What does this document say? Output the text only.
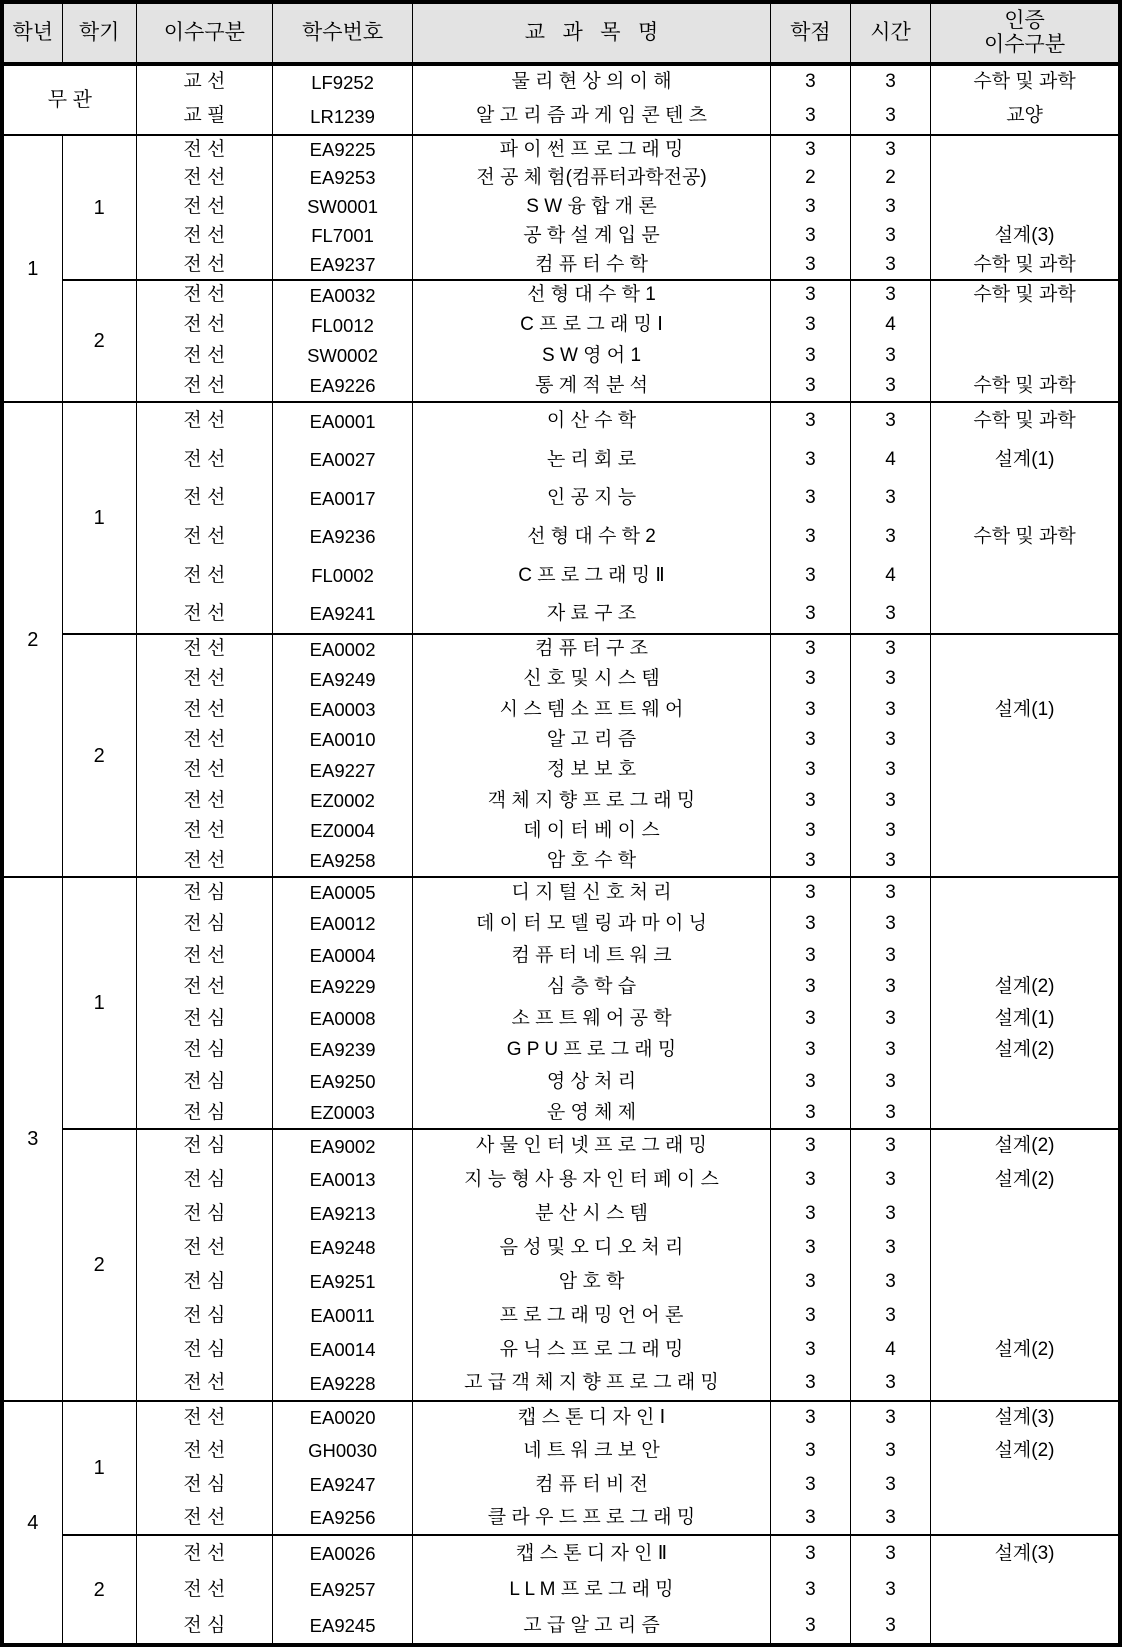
학년	학기	이수구분	학수번호	교   과   목   명	학점	시간	인증
이수구분

무 관		교 선	LF9252	물 리 현 상 의 이 해	3	3	수학 및 과학
		교 필	LR1239	알 고 리 즘 과 게 임 콘 텐 츠	3	3	교양
1	1	전 선	EA9225	파 이 썬 프 로 그 래 밍	3	3	
		전 선	EA9253	전 공 체 험(컴퓨터과학전공)	2	2	
		전 선	SW0001	S W 융 합 개 론	3	3	
		전 선	FL7001	공 학 설 계 입 문	3	3	설계(3)
		전 선	EA9237	컴 퓨 터 수 학	3	3	수학 및 과학
	2	전 선	EA0032	선 형 대 수 학 1	3	3	수학 및 과학
		전 선	FL0012	C 프 로 그 래 밍 Ⅰ	3	4	
		전 선	SW0002	S W 영 어 1	3	3	
		전 선	EA9226	통 계 적 분 석	3	3	수학 및 과학
2	1	전 선	EA0001	이 산 수 학	3	3	수학 및 과학
		전 선	EA0027	논 리 회 로	3	4	설계(1)
		전 선	EA0017	인 공 지 능	3	3	
		전 선	EA9236	선 형 대 수 학 2	3	3	수학 및 과학
		전 선	FL0002	C 프 로 그 래 밍 Ⅱ	3	4	
		전 선	EA9241	자 료 구 조	3	3	
	2	전 선	EA0002	컴 퓨 터 구 조	3	3	
		전 선	EA9249	신 호 및 시 스 템	3	3	
		전 선	EA0003	시 스 템 소 프 트 웨 어	3	3	설계(1)
		전 선	EA0010	알 고 리 즘	3	3	
		전 선	EA9227	정 보 보 호	3	3	
		전 선	EZ0002	객 체 지 향 프 로 그 래 밍	3	3	
		전 선	EZ0004	데 이 터 베 이 스	3	3	
		전 선	EA9258	암 호 수 학	3	3	
3	1	전 심	EA0005	디 지 털 신 호 처 리	3	3	
		전 심	EA0012	데 이 터 모 델 링 과 마 이 닝	3	3	
		전 선	EA0004	컴 퓨 터 네 트 워 크	3	3	
		전 선	EA9229	심 층 학 습	3	3	설계(2)
		전 심	EA0008	소 프 트 웨 어 공 학	3	3	설계(1)
		전 심	EA9239	G P U 프 로 그 래 밍	3	3	설계(2)
		전 심	EA9250	영 상 처 리	3	3	
		전 심	EZ0003	운 영 체 제	3	3	
	2	전 심	EA9002	사 물 인 터 넷 프 로 그 래 밍	3	3	설계(2)
		전 심	EA0013	지 능 형 사 용 자 인 터 페 이 스	3	3	설계(2)
		전 심	EA9213	분 산 시 스 템	3	3	
		전 선	EA9248	음 성 및 오 디 오 처 리	3	3	
		전 심	EA9251	암 호 학	3	3	
		전 심	EA0011	프 로 그 래 밍 언 어 론	3	3	
		전 심	EA0014	유 닉 스 프 로 그 래 밍	3	4	설계(2)
		전 선	EA9228	고 급 객 체 지 향 프 로 그 래 밍	3	3	
4	1	전 선	EA0020	캡 스 톤 디 자 인 Ⅰ	3	3	설계(3)
		전 선	GH0030	네 트 워 크 보 안	3	3	설계(2)
		전 심	EA9247	컴 퓨 터 비 전	3	3	
		전 선	EA9256	클 라 우 드 프 로 그 래 밍	3	3	
	2	전 선	EA0026	캡 스 톤 디 자 인 Ⅱ	3	3	설계(3)
		전 선	EA9257	L L M 프 로 그 래 밍	3	3	
		전 심	EA9245	고 급 알 고 리 즘	3	3	
